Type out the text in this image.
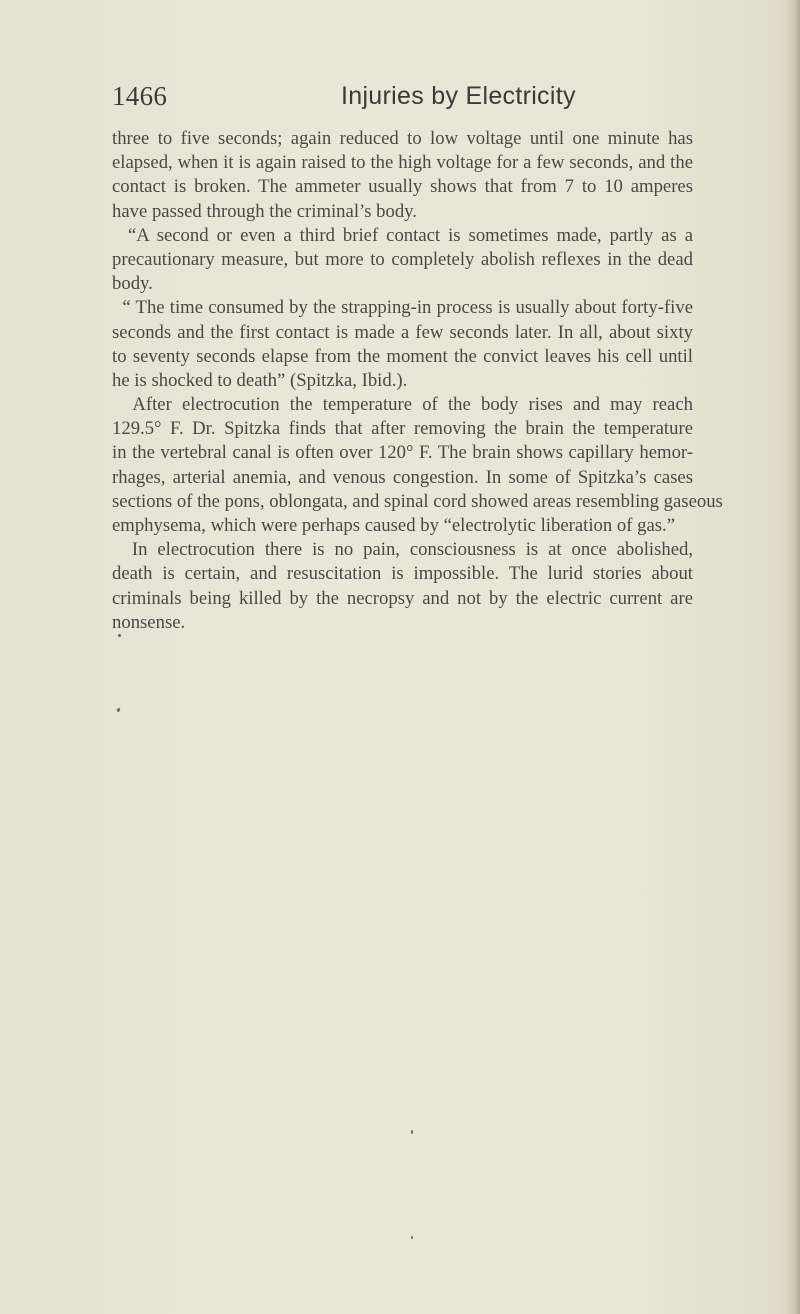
1466	Injuries by Electricity
three to five seconds; again reduced to low voltage until one minute has
elapsed, when it is again raised to the high voltage for a few seconds, and the
contact is broken. The ammeter usually shows that from 7 to 10 amperes
have passed through the criminal’s body.
“A second or even a third brief contact is sometimes made, partly as a
precautionary measure, but more to completely abolish reflexes in the dead
body.
“ The time consumed by the strapping-in process is usually about forty-five
seconds and the first contact is made a few seconds later. In all, about sixty
to seventy seconds elapse from the moment the convict leaves his cell until
he is shocked to death” (Spitzka, Ibid.).
After electrocution the temperature of the body rises and may reach
129.5° F. Dr. Spitzka finds that after removing the brain the temperature
in the vertebral canal is often over 120° F. The brain shows capillary hemor-
rhages, arterial anemia, and venous congestion. In some of Spitzka’s cases
sections of the pons, oblongata, and spinal cord showed areas resembling gaseous
emphysema, which were perhaps caused by “electrolytic liberation of gas.”
In electrocution there is no pain, consciousness is at once abolished,
death is certain, and resuscitation is impossible. The lurid stories about
criminals being killed by the necropsy and not by the electric current are
nonsense.
